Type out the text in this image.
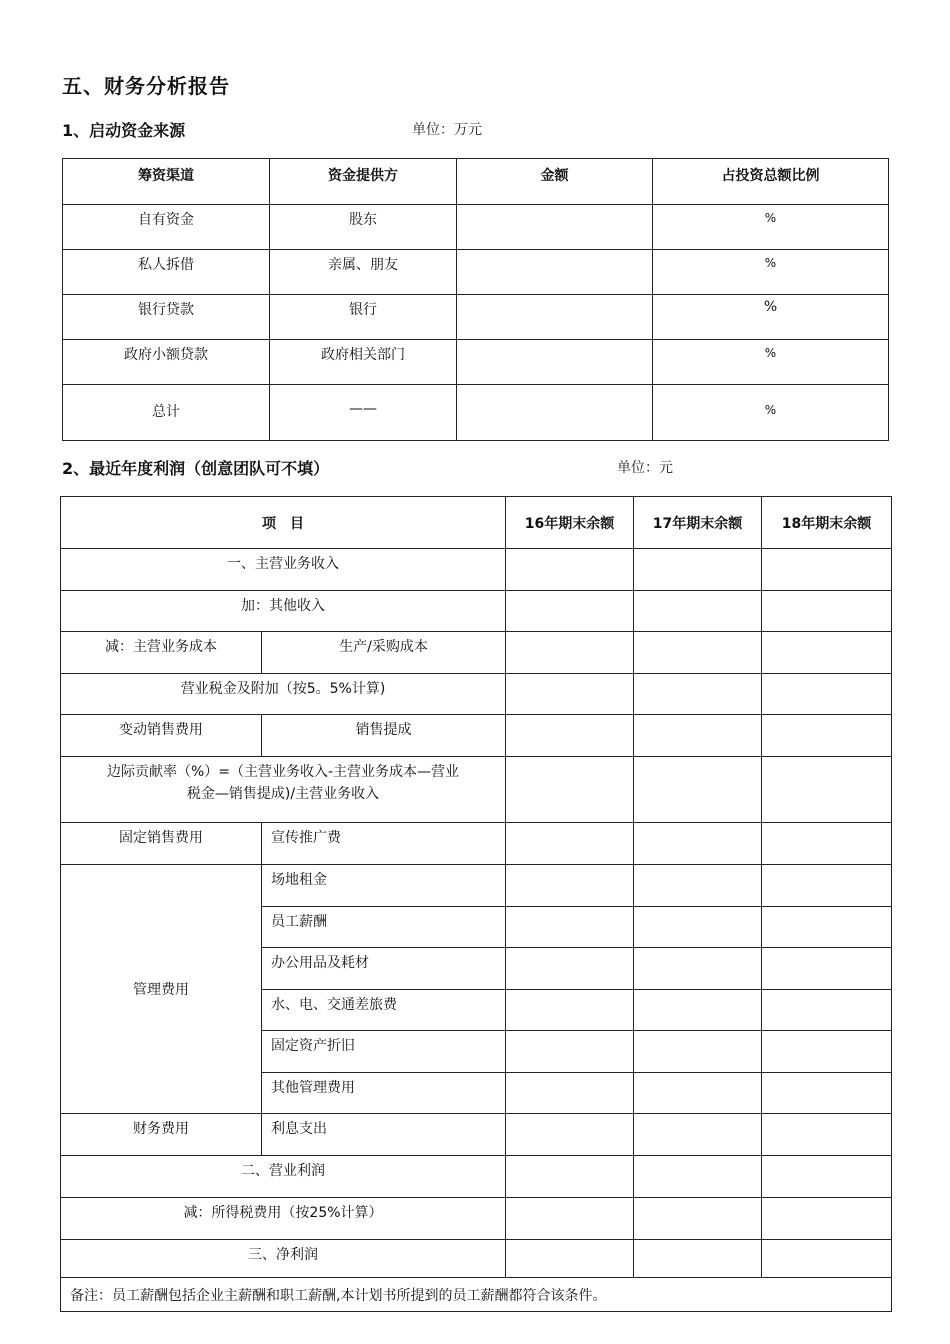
五、财务分析报告
1、启动资金来源	单位：万元
筹资渠道	资金提供方	金额	占投资总额比例

自有资金	股东		%

私人拆借	亲属、朋友		%

银行贷款	银行		%

政府小额贷款	政府相关部门		%

总计	——		%
2、最近年度利润（创意团队可不填）	单位：元
项　目		16年期末余额	17年期末余额	18年期末余额

一、主营业务收入				

加：其他收入				

减：主营业务成本	生产/采购成本			

营业税金及附加（按5。5%计算)				

变动销售费用	销售提成			

边际贡献率（%）=（主营业务收入-主营业务成本—营业
税金—销售提成)/主营业务收入				

固定销售费用	宣传推广费			

管理费用	场地租金			

	员工薪酬			

	办公用品及耗材			

	水、电、交通差旅费			

	固定资产折旧			

	其他管理费用			

财务费用	利息支出			

二、营业利润				

减：所得税费用（按25%计算）				

三、净利润				

备注：员工薪酬包括企业主薪酬和职工薪酬,本计划书所提到的员工薪酬都符合该条件。				
